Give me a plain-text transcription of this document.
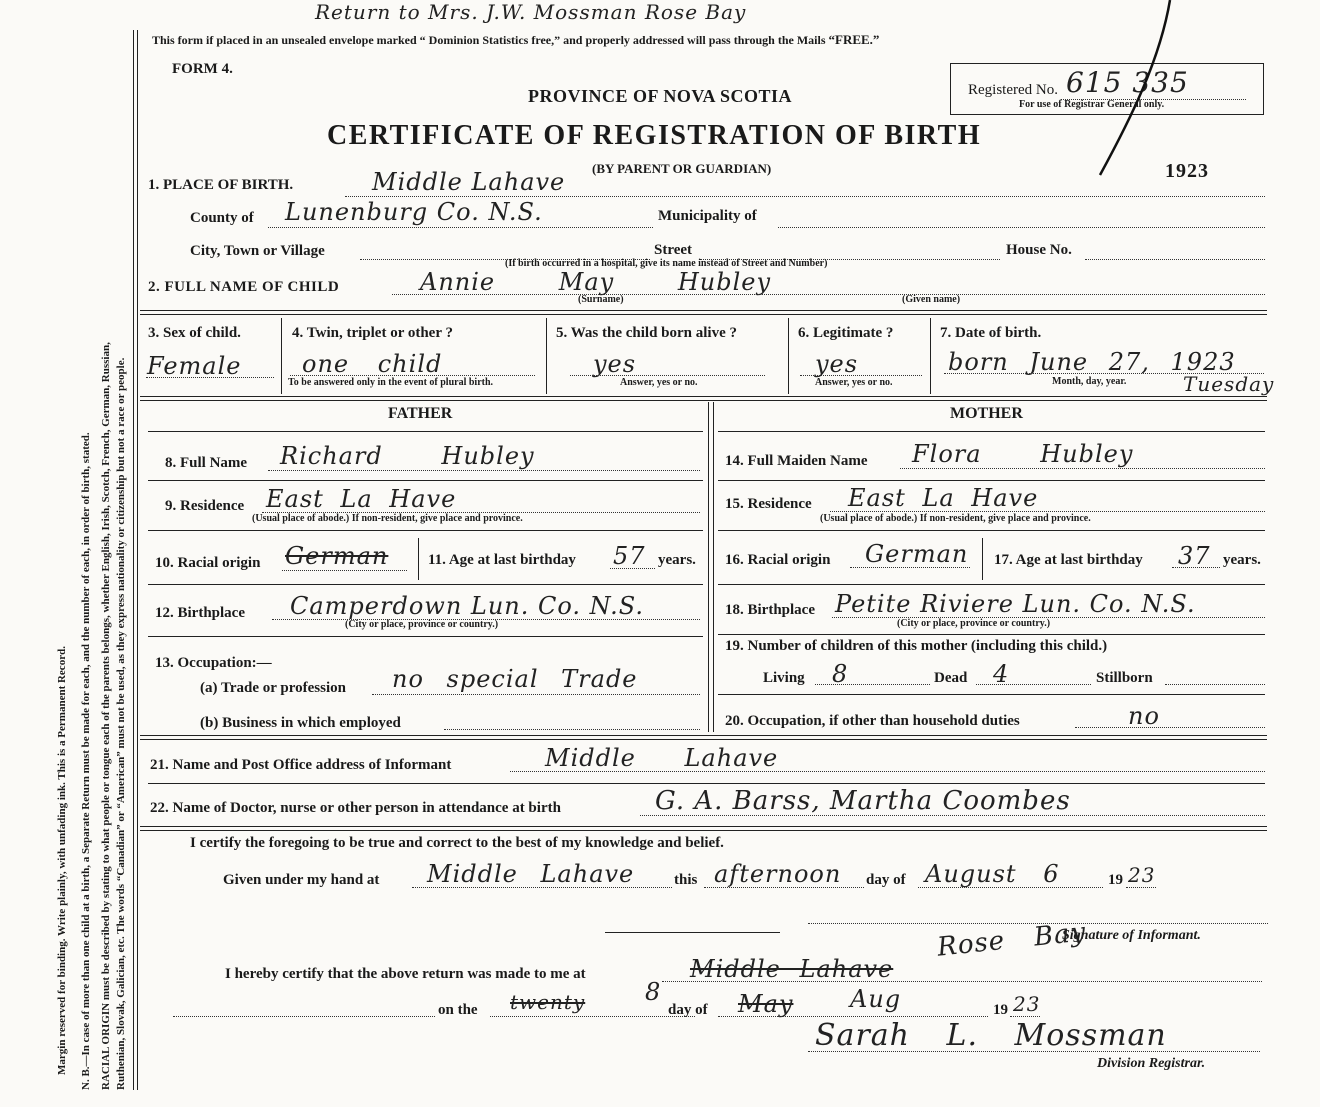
Margin reserved for binding. Write plainly, with unfading ink. This is a Permanent Record. N. B.—In case of more than one child at a birth, a Separate Return must be made for each, and the number of each, in order of birth, stated. RACIAL ORIGIN must be described by stating to what people or tongue each of the parents belongs, whether English, Irish, Scotch, French, German, Russian, Ruthenian, Slovak, Galician, etc. The words “Canadian” or “American” must not be used, as they express nationality or citizenship but not a race or people.
Return to Mrs. J.W. Mossman Rose Bay
This form if placed in an unsealed envelope marked “ Dominion Statistics free,” and properly addressed will pass through the Mails “FREE.”
FORM 4.
PROVINCE OF NOVA SCOTIA
CERTIFICATE OF REGISTRATION OF BIRTH
(BY PARENT OR GUARDIAN)
Registered No. 615 335
For use of Registrar General only.
1923
1. PLACE OF BIRTH.	Middle Lahave
County of Lunenburg Co. N.S.	Municipality of
City, Town or Village	Street	House No.
(If birth occurred in a hospital, give its name instead of Street and Number)
2. FULL NAME OF CHILD	Annie May Hubley
(Surname)	(Given name)
3. Sex of child.
Female
4. Twin, triplet or other ?
one child
To be answered only in the event of plural birth.
5. Was the child born alive ?
yes
Answer, yes or no.
6. Legitimate ?
yes
Answer, yes or no.
7. Date of birth.
born June 27, 1923
Month, day, year.	Tuesday
FATHER	MOTHER
8. Full Name Richard Hubley
9. Residence East La Have
(Usual place of abode.) If non-resident, give place and province.
10. Racial origin German	11. Age at last birthday 57 years.
12. Birthplace Camperdown Lun. Co. N.S.
(City or place, province or country.)
13. Occupation:—
(a) Trade or profession no special Trade
(b) Business in which employed
14. Full Maiden Name Flora Hubley
15. Residence East La Have
(Usual place of abode.) If non-resident, give place and province.
16. Racial origin German 17. Age at last birthday 37 years.
18. Birthplace Petite Riviere Lun. Co. N.S.
(City or place, province or country.)
19. Number of children of this mother (including this child.)
Living 8	Dead 4	Stillborn
20. Occupation, if other than household duties	no
21. Name and Post Office address of Informant	Middle Lahave
22. Name of Doctor, nurse or other person in attendance at birth	G. A. Barss, Martha Coombes
I certify the foregoing to be true and correct to the best of my knowledge and belief.
Given under my hand at Middle Lahave	this afternoon day of August 6	19 23
Signature of Informant.
I hereby certify that the above return was made to me at	Middle Lahave
Rose Bay
on the twenty 8
day of May Aug	19 23
Sarah L. Mossman
Division Registrar.
